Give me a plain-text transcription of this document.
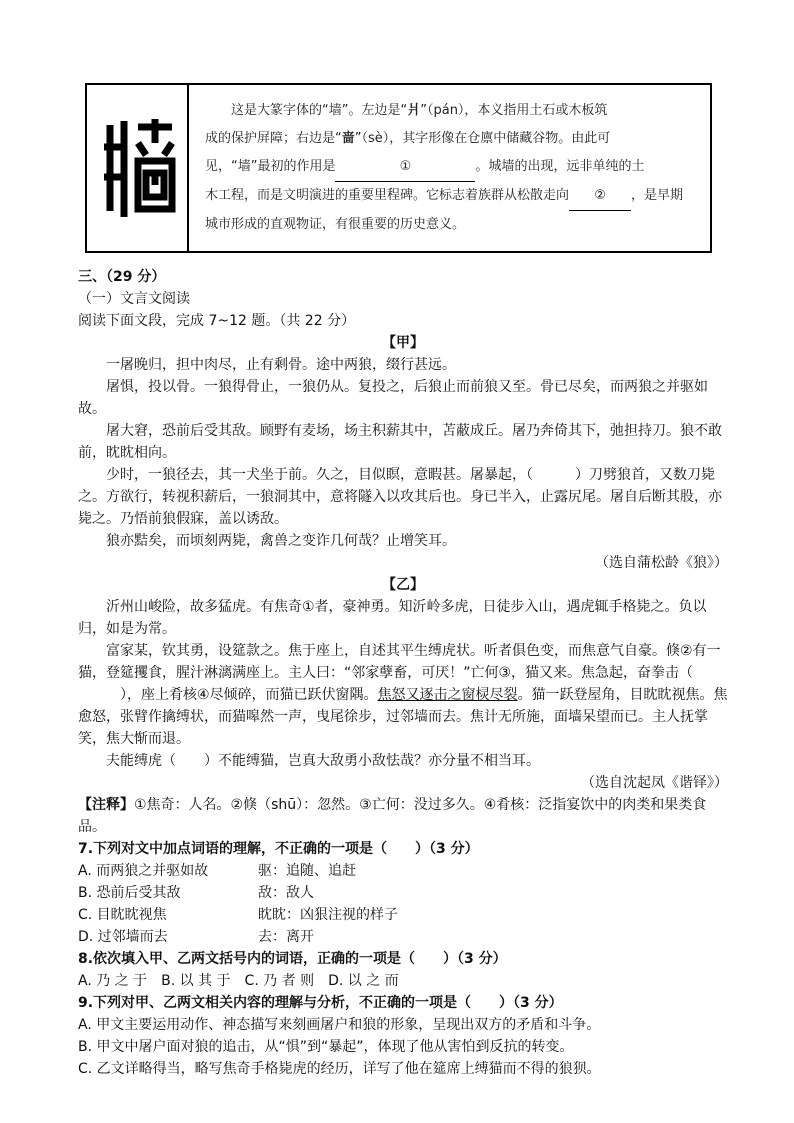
这是大篆字体的“墙”。左边是“爿”（pán），本义指用土石或木板筑

成的保护屏障；右边是“啬”（sè），其字形像在仓廪中储藏谷物。由此可
见，“墙”最初的作用是	①	。城墙的出现，远非单纯的土
木工程，而是文明演进的重要里程碑。它标志着族群从松散走向 ② ，是早期
城市形成的直观物证，有很重要的历史意义。

三、（29 分）

（一）文言文阅读

阅读下面文段，完成 7~12 题。（共 22 分）

【甲】

一屠晚归，担中肉尽，止有剩骨。途中两狼，缀行甚远。

屠惧，投以骨。一狼得骨止，一狼仍从。复投之，后狼止而前狼又至。骨已尽矣，而两狼之并驱如故。

屠大窘，恐前后受其敌。顾野有麦场，场主积薪其中，苫蔽成丘。屠乃奔倚其下，弛担持刀。狼不敢前，眈眈相向。

少时，一狼径去，其一犬坐于前。久之，目似瞑，意暇甚。屠暴起，（	）刀劈狼首，又数刀毙之。方欲行，转视积薪后，一狼洞其中，意将隧入以攻其后也。身已半入，止露尻尾。屠自后断其股，亦毙之。乃悟前狼假寐，盖以诱敌。

狼亦黠矣，而顷刻两毙，禽兽之变诈几何哉？止增笑耳。

（选自蒲松龄《狼》）

【乙】

沂州山峻险，故多猛虎。有焦奇①者，豪神勇。知沂岭多虎，日徒步入山，遇虎辄手格毙之。负以归，如是为常。

富家某，钦其勇，设筵款之。焦于座上，自述其平生缚虎状。听者俱色变，而焦意气自豪。倏②有一猫，登筵攫食，腥汁淋漓满座上。主人曰：“邻家孽畜，可厌！”亡何③，猫又来。焦急起，奋拳击（），座上肴核④尽倾碎，而猫已跃伏窗隅。焦怒又逐击之窗棂尽裂。猫一跃登屋角，目眈眈视焦。焦愈怒，张臂作擒缚状，而猫嗥然一声，曳尾徐步，过邻墙而去。焦计无所施，面墙呆望而已。主人抚掌笑，焦大惭而退。

夫能缚虎（ ）不能缚猫，岂真大敌勇小敌怯哉？亦分量不相当耳。

（选自沈起凤《谐铎》）

【注释】①焦奇：人名。②倏（shū）：忽然。③亡何：没过多久。④肴核：泛指宴饮中的肉类和果类食品。

7.下列对文中加点词语的理解，不正确的一项是（　　）（3 分）

A. 而两狼之并驱如故	驱：追随、追赶

B. 恐前后受其敌	敌：敌人

C. 目眈眈视焦	眈眈：凶狠注视的样子

D. 过邻墙而去	去：离开

8.依次填入甲、乙两文括号内的词语，正确的一项是（　　）（3 分）

A. 乃 之 于 B. 以 其 于 C. 乃 者 则 D. 以 之 而

9.下列对甲、乙两文相关内容的理解与分析，不正确的一项是（　　）（3 分）

A. 甲文主要运用动作、神态描写来刻画屠户和狼的形象，呈现出双方的矛盾和斗争。

B. 甲文中屠户面对狼的追击，从“惧”到“暴起”，体现了他从害怕到反抗的转变。

C. 乙文详略得当，略写焦奇手格毙虎的经历，详写了他在筵席上缚猫而不得的狼狈。
